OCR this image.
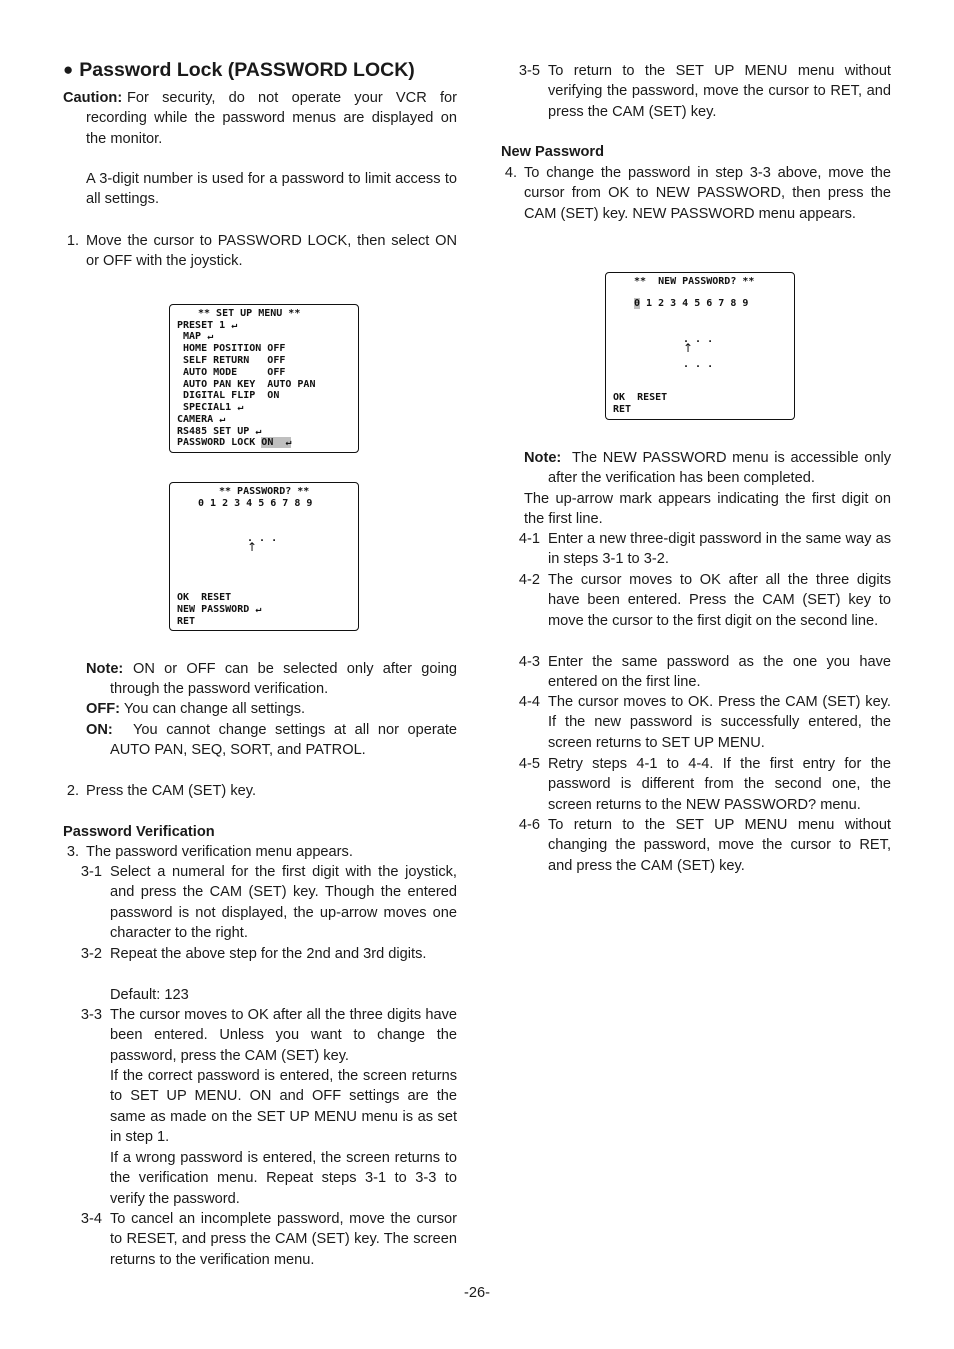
● Password Lock (PASSWORD LOCK)
Caution: For security, do not operate your VCR for recording while the password menus are displayed on the monitor.
A 3-digit number is used for a password to limit access to all settings.
1. Move the cursor to PASSWORD LOCK, then select ON or OFF with the joystick.
** SET UP MENU **
PRESET 1 ↵
MAP ↵
HOME POSITION OFF
SELF RETURN   OFF
AUTO MODE     OFF
AUTO PAN KEY  AUTO PAN
DIGITAL FLIP  ON
SPECIAL1 ↵
CAMERA ↵
RS485 SET UP ↵
PASSWORD LOCK ON  ↵
** PASSWORD? **
0 1 2 3 4 5 6 7 8 9
. . .
↑
OK  RESET
NEW PASSWORD ↵
RET
Note: ON or OFF can be selected only after going through the password verification.
OFF: You can change all settings.
ON:	You cannot change settings at all nor operate AUTO PAN, SEQ, SORT, and PATROL.
2. Press the CAM (SET) key.
Password Verification
3. The password verification menu appears.
3-1 Select a numeral for the first digit with the joystick, and press the CAM (SET) key. Though the entered password is not displayed, the up-arrow moves one character to the right.
3-2 Repeat the above step for the 2nd and 3rd digits.
Default: 123
3-3 The cursor moves to OK after all the three digits have been entered. Unless you want to change the password, press the CAM (SET) key.
If the correct password is entered, the screen returns to SET UP MENU. ON and OFF settings are the same as made on the SET UP MENU menu is as set in step 1.
If a wrong password is entered, the screen returns to the verification menu. Repeat steps 3-1 to 3-3 to verify the password.
3-4 To cancel an incomplete password, move the cursor to RESET, and press the CAM (SET) key. The screen returns to the verification menu.
3-5 To return to the SET UP MENU menu without verifying the password, move the cursor to RET, and press the CAM (SET) key.
New Password
4. To change the password in step 3-3 above, move the cursor from OK to NEW PASSWORD, then press the CAM (SET) key. NEW PASSWORD menu appears.
**  NEW PASSWORD? **
0 1 2 3 4 5 6 7 8 9
. . .
↑
. . .
OK  RESET
RET
Note: The NEW PASSWORD menu is accessible only after the verification has been completed.
The up-arrow mark appears indicating the first digit on the first line.
4-1 Enter a new three-digit password in the same way as in steps 3-1 to 3-2.
4-2 The cursor moves to OK after all the three digits have been entered. Press the CAM (SET) key to move the cursor to the first digit on the second line.
4-3 Enter the same password as the one you have entered on the first line.
4-4 The cursor moves to OK. Press the CAM (SET) key. If the new password is successfully entered, the screen returns to SET UP MENU.
4-5 Retry steps 4-1 to 4-4. If the first entry for the password is different from the second one, the screen returns to the NEW PASSWORD? menu.
4-6 To return to the SET UP MENU menu without changing the password, move the cursor to RET, and press the CAM (SET) key.
-26-
